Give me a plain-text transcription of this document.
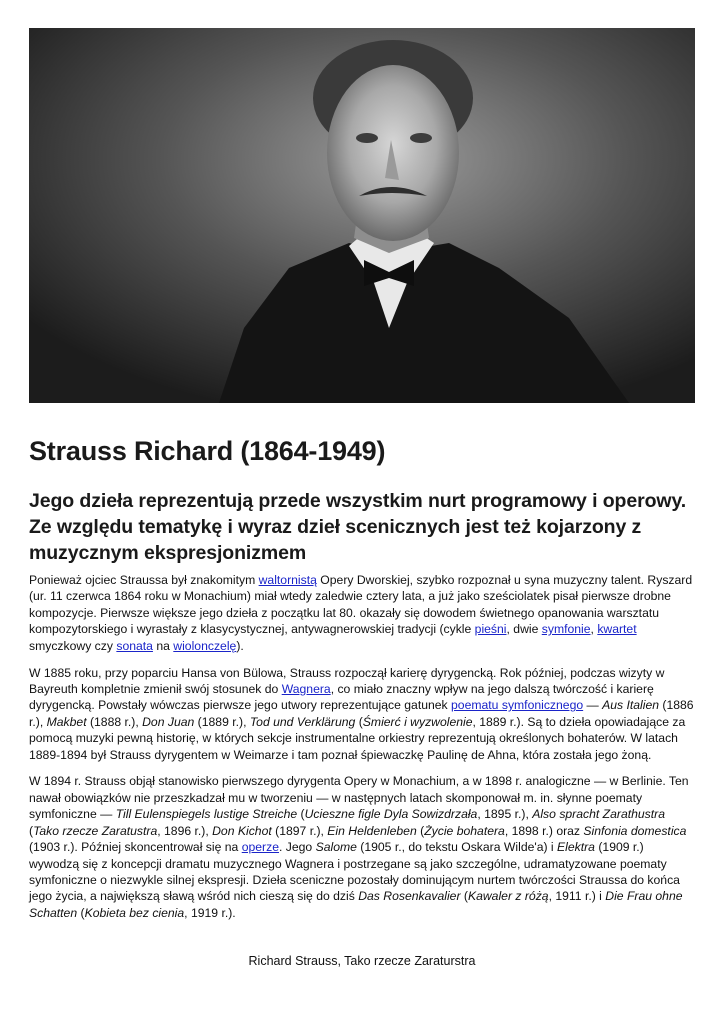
Strauss Richard (1864-1949)

Jego dzieła reprezentują przede wszystkim nurt programowy i operowy. Ze względu tematykę i wyraz dzieł scenicznych jest też kojarzony z muzycznym ekspresjonizmem

Ponieważ ojciec Straussa był znakomitym waltornistą Opery Dworskiej, szybko rozpoznał u syna muzyczny talent. Ryszard (ur. 11 czerwca 1864 roku w Monachium) miał wtedy zaledwie cztery lata, a już jako sześciolatek pisał pierwsze drobne kompozycje. Pierwsze większe jego dzieła z początku lat 80. okazały się dowodem świetnego opanowania warsztatu kompozytorskiego i wyrastały z klasycystycznej, antywagnerowskiej tradycji (cykle pieśni, dwie symfonie, kwartet smyczkowy czy sonata na wiolonczelę).

W 1885 roku, przy poparciu Hansa von Bülowa, Strauss rozpoczął karierę dyrygencką. Rok później, podczas wizyty w Bayreuth kompletnie zmienił swój stosunek do Wagnera, co miało znaczny wpływ na jego dalszą twórczość i karierę dyrygencką. Powstały wówczas pierwsze jego utwory reprezentujące gatunek poematu symfonicznego — Aus Italien (1886 r.), Makbet (1888 r.), Don Juan (1889 r.), Tod und Verklärung (Śmierć i wyzwolenie, 1889 r.). Są to dzieła opowiadające za pomocą muzyki pewną historię, w których sekcje instrumentalne orkiestry reprezentują określonych bohaterów. W latach 1889-1894 był Strauss dyrygentem w Weimarze i tam poznał śpiewaczkę Paulinę de Ahna, która została jego żoną.

W 1894 r. Strauss objął stanowisko pierwszego dyrygenta Opery w Monachium, a w 1898 r. analogiczne — w Berlinie. Ten nawał obowiązków nie przeszkadzał mu w tworzeniu — w następnych latach skomponował m. in. słynne poematy symfoniczne — Till Eulenspiegels lustige Streiche (Ucieszne figle Dyla Sowizdrzała, 1895 r.), Also spracht Zarathustra (Tako rzecze Zaratustra, 1896 r.), Don Kichot (1897 r.), Ein Heldenleben (Życie bohatera, 1898 r.) oraz Sinfonia domestica (1903 r.). Później skoncentrował się na operze. Jego Salome (1905 r., do tekstu Oskara Wilde'a) i Elektra (1909 r.) wywodzą się z koncepcji dramatu muzycznego Wagnera i postrzegane są jako szczególne, udramatyzowane poematy symfoniczne o niezwykle silnej ekspresji. Dzieła sceniczne pozostały dominującym nurtem twórczości Straussa do końca jego życia, a największą sławą wśród nich cieszą się do dziś Das Rosenkavalier (Kawaler z różą, 1911 r.) i Die Frau ohne Schatten (Kobieta bez cienia, 1919 r.).

Richard Strauss, Tako rzecze Zaraturstra
